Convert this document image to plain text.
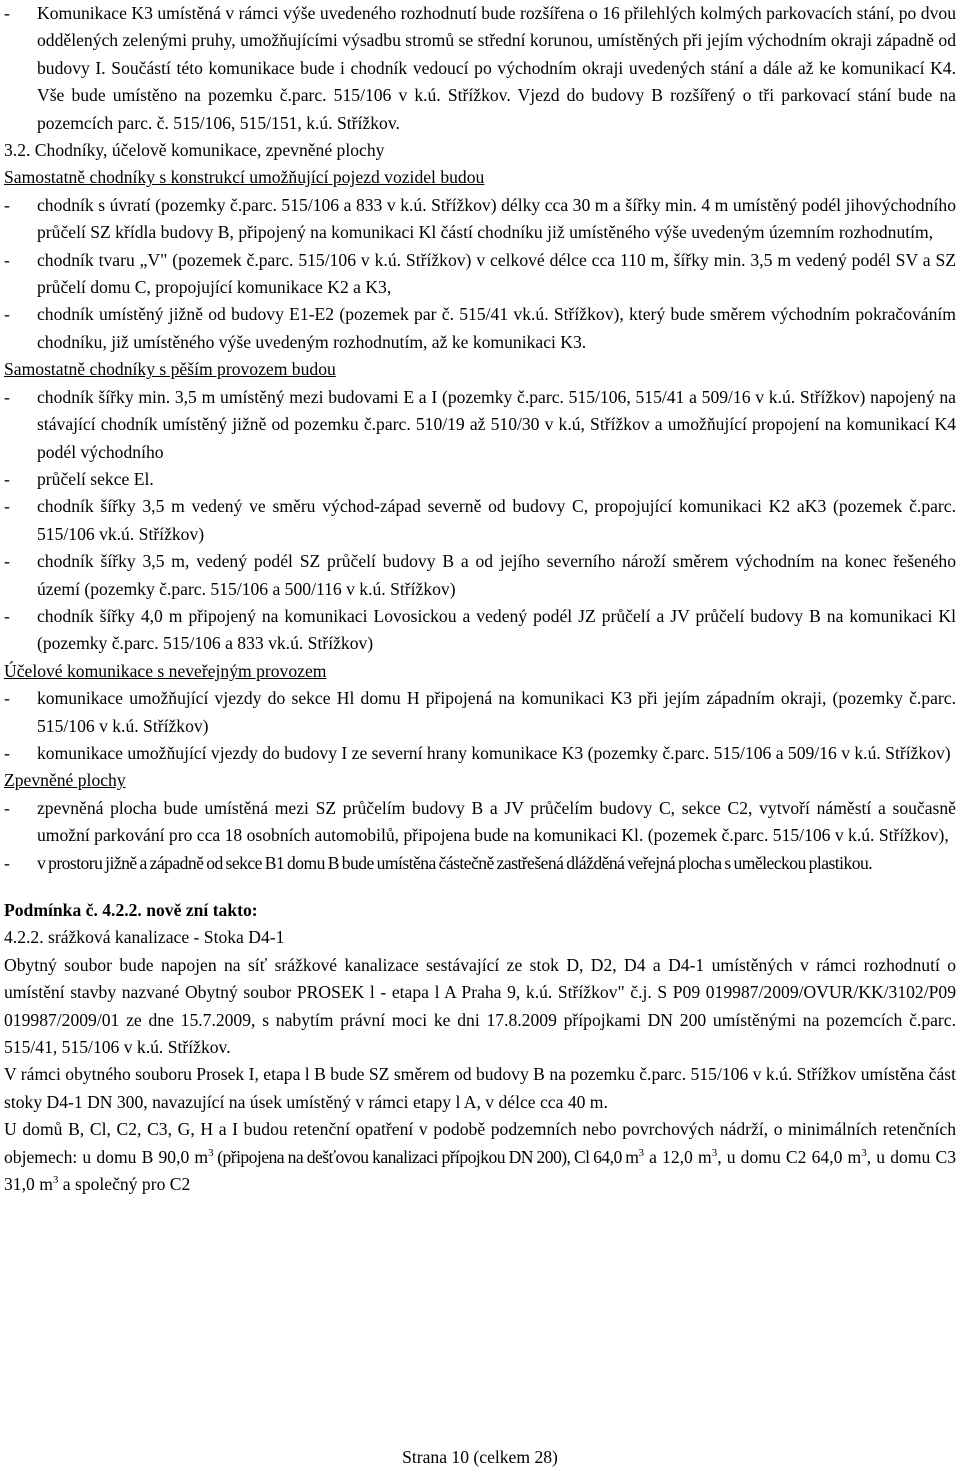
- Komunikace K3 umístěná v rámci výše uvedeného rozhodnutí bude rozšířena o 16 přilehlých kolmých parkovacích stání, po dvou oddělených zelenými pruhy, umožňujícími výsadbu stromů se střední korunou, umístěných při jejím východním okraji západně od budovy I. Součástí této komunikace bude i chodník vedoucí po východním okraji uvedených stání a dále až ke komunikací K4. Vše bude umístěno na pozemku č.parc. 515/106 v k.ú. Střížkov. Vjezd do budovy B rozšířený o tři parkovací stání bude na pozemcích parc. č. 515/106, 515/151, k.ú. Střížkov.

3.2. Chodníky, účelově komunikace, zpevněné plochy

Samostatně chodníky s konstrukcí umožňující pojezd vozidel budou

- chodník s úvratí (pozemky č.parc. 515/106 a 833 v k.ú. Střížkov) délky cca 30 m a šířky min. 4 m umístěný podél jihovýchodního průčelí SZ křídla budovy B, připojený na komunikaci Kl částí chodníku již umístěného výše uvedeným územním rozhodnutím,
- chodník tvaru „V" (pozemek č.parc. 515/106 v k.ú. Střížkov) v celkové délce cca 110 m, šířky min. 3,5 m vedený podél SV a SZ průčelí domu C, propojující komunikace K2 a K3,
- chodník umístěný jižně od budovy E1-E2 (pozemek par č. 515/41 vk.ú. Střížkov), který bude směrem východním pokračováním chodníku, již umístěného výše uvedeným rozhodnutím, až ke komunikaci K3.

Samostatně chodníky s pěším provozem budou

- chodník šířky min. 3,5 m umístěný mezi budovami E a I (pozemky č.parc. 515/106, 515/41 a 509/16 v k.ú. Střížkov) napojený na stávající chodník umístěný jižně od pozemku č.parc. 510/19 až 510/30 v k.ú, Střížkov a umožňující propojení na komunikací K4 podél východního
- průčelí sekce El.
- chodník šířky 3,5 m vedený ve směru východ-západ severně od budovy C, propojující komunikaci K2 aK3 (pozemek č.parc. 515/106 vk.ú. Střížkov)
- chodník šířky 3,5 m, vedený podél SZ průčelí budovy B a od jejího severního nároží směrem východním na konec řešeného území (pozemky č.parc. 515/106 a 500/116 v k.ú. Střížkov)
- chodník šířky 4,0 m připojený na komunikaci Lovosickou a vedený podél JZ průčelí a JV průčelí budovy B na komunikaci Kl (pozemky č.parc. 515/106 a 833 vk.ú. Střížkov)

Účelové komunikace s neveřejným provozem

- komunikace umožňující vjezdy do sekce Hl domu H připojená na komunikaci K3 při jejím západním okraji, (pozemky č.parc. 515/106 v k.ú. Střížkov)
- komunikace umožňující vjezdy do budovy I ze severní hrany komunikace K3 (pozemky č.parc. 515/106 a 509/16 v k.ú. Střížkov)

Zpevněné plochy

- zpevněná plocha bude umístěná mezi SZ průčelím budovy B a JV průčelím budovy C, sekce C2, vytvoří náměstí a současně umožní parkování pro cca 18 osobních automobilů, připojena bude na komunikaci Kl. (pozemek č.parc. 515/106 v k.ú. Střížkov),
- v prostoru jižně a západně od sekce B1 domu B bude umístěna částečně zastřešená dlážděná veřejná plocha s uměleckou plastikou.

Podmínka č. 4.2.2. nově zní takto:

4.2.2. srážková kanalizace - Stoka D4-1

Obytný soubor bude napojen na síť srážkové kanalizace sestávající ze stok D, D2, D4 a D4-1 umístěných v rámci rozhodnutí o umístění stavby nazvané Obytný soubor PROSEK l - etapa l A Praha 9, k.ú. Střížkov" č.j. S P09 019987/2009/OVUR/KK/3102/P09 019987/2009/01 ze dne 15.7.2009, s nabytím právní moci ke dni 17.8.2009 přípojkami DN 200 umístěnými na pozemcích č.parc. 515/41, 515/106 v k.ú. Střížkov.

V rámci obytného souboru Prosek I, etapa l B bude SZ směrem od budovy B na pozemku č.parc. 515/106 v k.ú. Střížkov umístěna část stoky D4-1 DN 300, navazující na úsek umístěný v rámci etapy l A, v délce cca 40 m.

U domů B, Cl, C2, C3, G, H a I budou retenční opatření v podobě podzemních nebo povrchových nádrží, o minimálních retenčních objemech: u domu B 90,0 $m^3$ (připojena na dešťovou kanalizaci přípojkou DN 200), Cl 64,0 $m^3$ a 12,0 $m^3$, u domu C2 64,0 $m^3$, u domu C3 31,0 $m^3$ a společný pro C2

Strana 10 (celkem 28)
